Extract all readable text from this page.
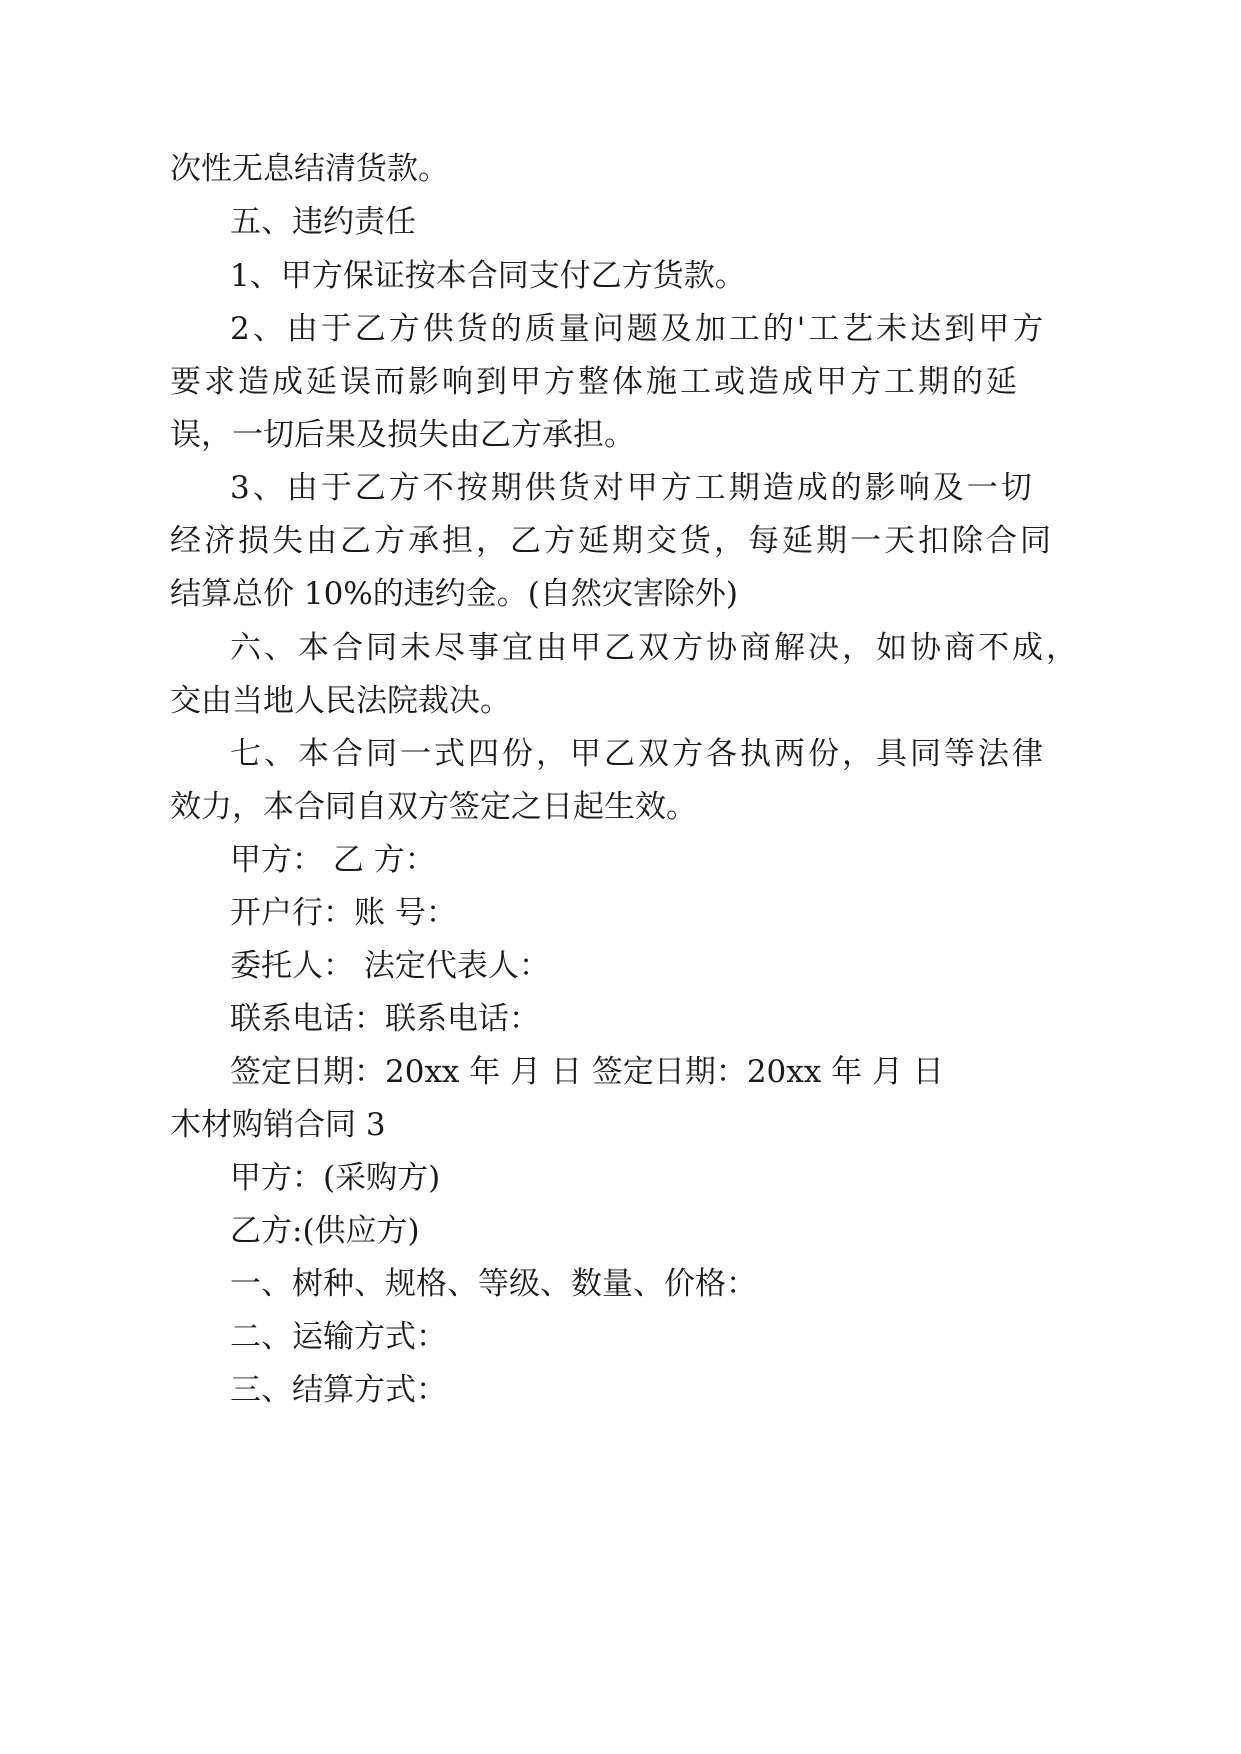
次性无息结清货款。
五、违约责任
1、甲方保证按本合同支付乙方货款。
2、由于乙方供货的质量问题及加工的'工艺未达到甲方
要求造成延误而影响到甲方整体施工或造成甲方工期的延
误，一切后果及损失由乙方承担。
3、由于乙方不按期供货对甲方工期造成的影响及一切
经济损失由乙方承担，乙方延期交货，每延期一天扣除合同
结算总价 10%的违约金。(自然灾害除外)
六、本合同未尽事宜由甲乙双方协商解决，如协商不成，
交由当地人民法院裁决。
七、本合同一式四份，甲乙双方各执两份，具同等法律
效力，本合同自双方签定之日起生效。
甲方： 乙 方：
开户行：账 号：
委托人： 法定代表人：
联系电话：联系电话：
签定日期：20xx 年 月 日 签定日期：20xx 年 月 日
木材购销合同 3
甲方：(采购方)
乙方:(供应方)
一、树种、规格、等级、数量、价格：
二、运输方式：
三、结算方式：
